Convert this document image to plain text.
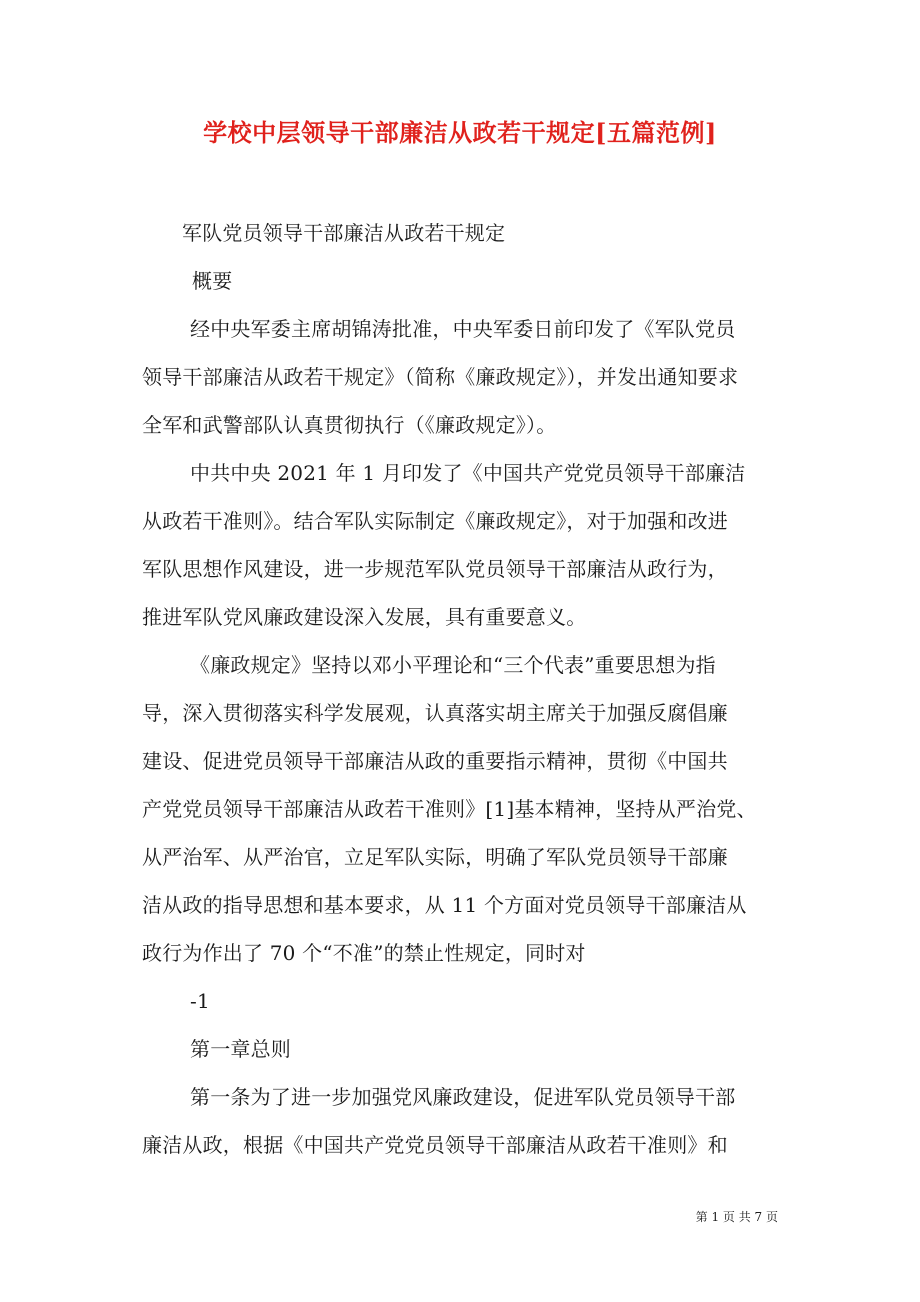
学校中层领导干部廉洁从政若干规定[五篇范例]
军队党员领导干部廉洁从政若干规定
概要
经中央军委主席胡锦涛批准，中央军委日前印发了《军队党员
领导干部廉洁从政若干规定》（简称《廉政规定》），并发出通知要求
全军和武警部队认真贯彻执行（《廉政规定》）。
中共中央 2021 年 1 月印发了《中国共产党党员领导干部廉洁
从政若干准则》。结合军队实际制定《廉政规定》，对于加强和改进
军队思想作风建设，进一步规范军队党员领导干部廉洁从政行为，
推进军队党风廉政建设深入发展，具有重要意义。
《廉政规定》坚持以邓小平理论和“三个代表”重要思想为指
导，深入贯彻落实科学发展观，认真落实胡主席关于加强反腐倡廉
建设、促进党员领导干部廉洁从政的重要指示精神，贯彻《中国共
产党党员领导干部廉洁从政若干准则》[1]基本精神，坚持从严治党、
从严治军、从严治官，立足军队实际，明确了军队党员领导干部廉
洁从政的指导思想和基本要求，从 11 个方面对党员领导干部廉洁从
政行为作出了 70 个“不准”的禁止性规定，同时对
-1
第一章总则
第一条为了进一步加强党风廉政建设，促进军队党员领导干部
廉洁从政，根据《中国共产党党员领导干部廉洁从政若干准则》和
第 1 页 共 7 页
